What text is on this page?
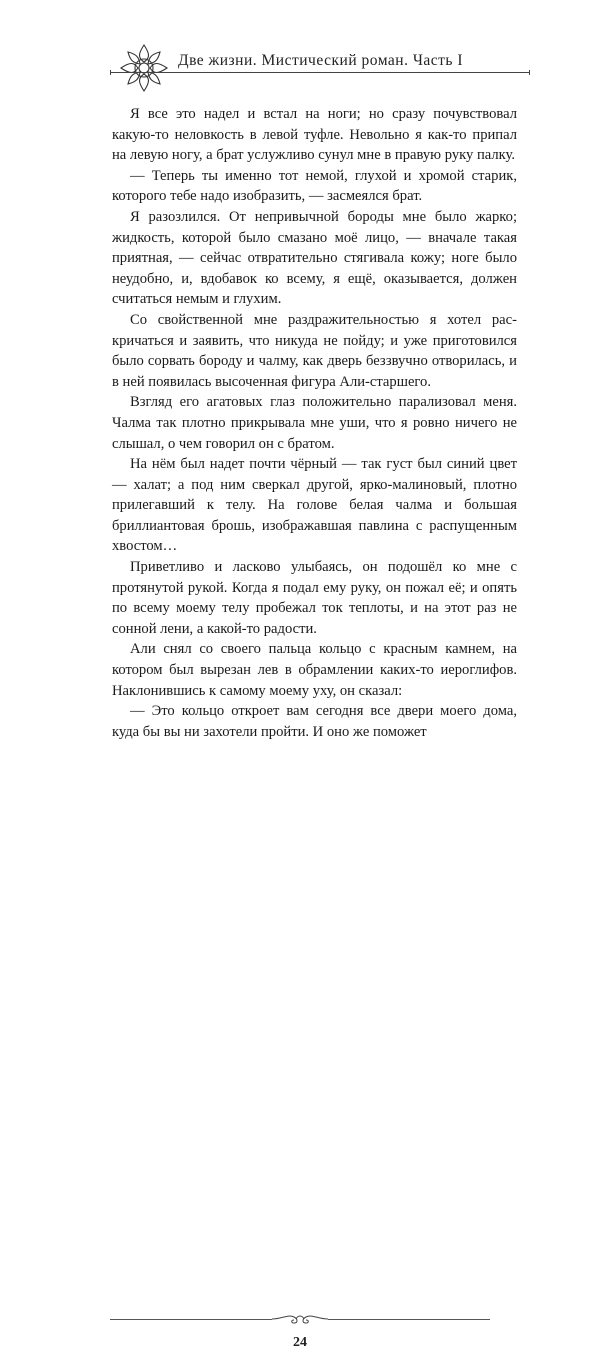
Две жизни. Мистический роман. Часть I

Я все это надел и встал на ноги; но сразу почувствовал какую-то неловкость в левой туфле. Невольно я как-то припал на левую ногу, а брат услужливо сунул мне в правую руку палку.

— Теперь ты именно тот немой, глухой и хромой старик, которого тебе надо изобразить, — засмеялся брат.

Я разозлился. От непривычной бороды мне было жарко; жидкость, которой было смазано моё лицо, — вначале такая приятная, — сейчас отвратительно стягивала кожу; ноге было неудобно, и, вдобавок ко всему, я ещё, оказывается, должен считаться немым и глухим.

Со свойственной мне раздражительностью я хотел раскричаться и заявить, что никуда не пойду; и уже приготовился было сорвать бороду и чалму, как дверь беззвучно отворилась, и в ней появилась высоченная фигура Али-старшего.

Взгляд его агатовых глаз положительно парализовал меня. Чалма так плотно прикрывала мне уши, что я ровно ничего не слышал, о чем говорил он с братом.

На нём был надет почти чёрный — так густ был синий цвет — халат; а под ним сверкал другой, ярко-малиновый, плотно прилегавший к телу. На голове белая чалма и большая бриллиантовая брошь, изображавшая павлина с распущенным хвостом…

Приветливо и ласково улыбаясь, он подошёл ко мне с протянутой рукой. Когда я подал ему руку, он пожал её; и опять по всему моему телу пробежал ток теплоты, и на этот раз не сонной лени, а какой-то радости.

Али снял со своего пальца кольцо с красным камнем, на котором был вырезан лев в обрамлении каких-то иероглифов. Наклонившись к самому моему уху, он сказал:

— Это кольцо откроет вам сегодня все двери моего дома, куда бы вы ни захотели пройти. И оно же поможет

24
